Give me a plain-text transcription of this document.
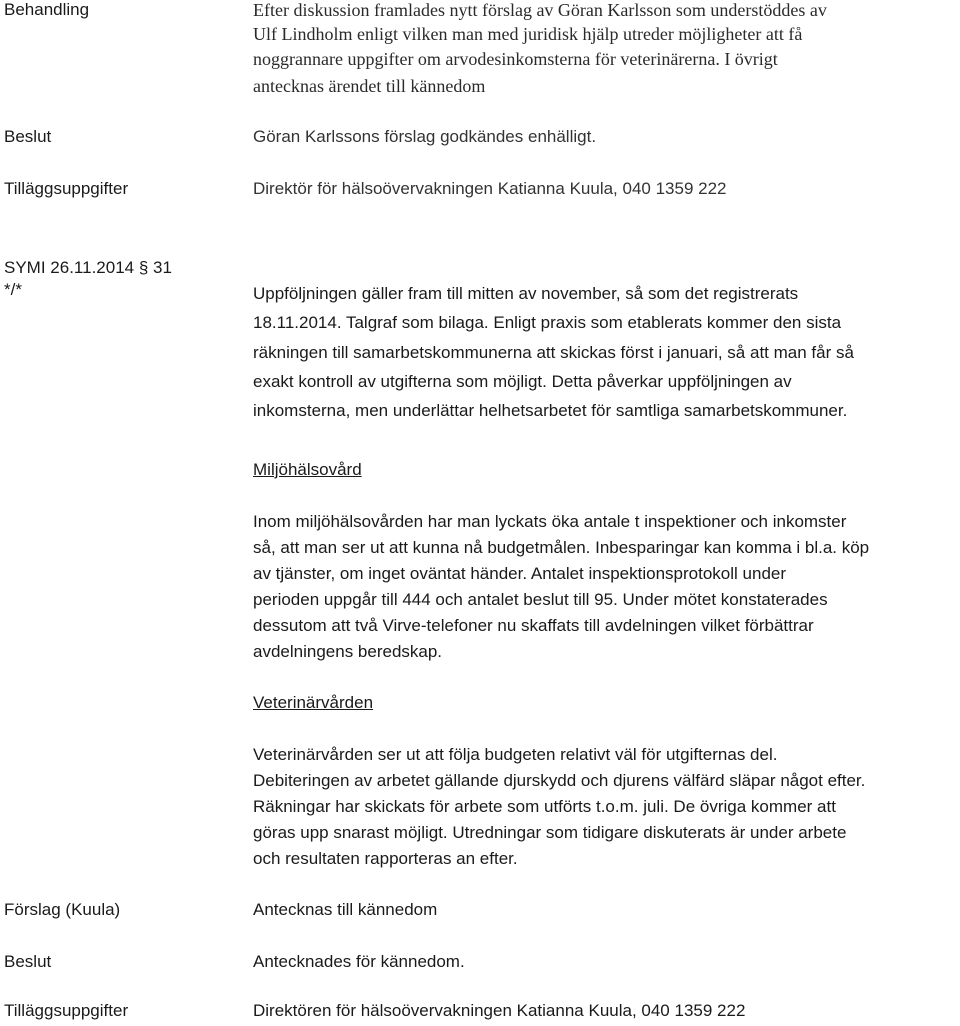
Behandling	Efter diskussion framlades nytt förslag av Göran Karlsson som understöddes av
Ulf Lindholm enligt vilken man med juridisk hjälp utreder möjligheter att få
noggrannare uppgifter om arvodesinkomsterna för veterinärerna. I övrigt
antecknas ärendet till kännedom
Beslut	Göran Karlssons förslag godkändes enhälligt.
Tilläggsuppgifter	Direktör för hälsoövervakningen Katianna Kuula, 040 1359 222
SYMI 26.11.2014 § 31
*/*	Uppföljningen gäller fram till mitten av november, så som det registrerats
18.11.2014. Talgraf som bilaga. Enligt praxis som etablerats kommer den sista
räkningen till samarbetskommunerna att skickas först i januari, så att man får så
exakt kontroll av utgifterna som möjligt. Detta påverkar uppföljningen av
inkomsterna, men underlättar helhetsarbetet för samtliga samarbetskommuner.
Miljöhälsovård
Inom miljöhälsovården har man lyckats öka antale t inspektioner och inkomster
så, att man ser ut att kunna nå budgetmålen. Inbesparingar kan komma i bl.a. köp
av tjänster, om inget oväntat händer. Antalet inspektionsprotokoll under
perioden uppgår till 444 och antalet beslut till 95. Under mötet konstaterades
dessutom att två Virve-telefoner nu skaffats till avdelningen vilket förbättrar
avdelningens beredskap.
Veterinärvården
Veterinärvården ser ut att följa budgeten relativt väl för utgifternas del.
Debiteringen av arbetet gällande djurskydd och djurens välfärd släpar något efter.
Räkningar har skickats för arbete som utförts t.o.m. juli. De övriga kommer att
göras upp snarast möjligt. Utredningar som tidigare diskuterats är under arbete
och resultaten rapporteras an efter.
Förslag (Kuula)	Antecknas till kännedom
Beslut	Antecknades för kännedom.
Tilläggsuppgifter	Direktören för hälsoövervakningen Katianna Kuula, 040 1359 222
